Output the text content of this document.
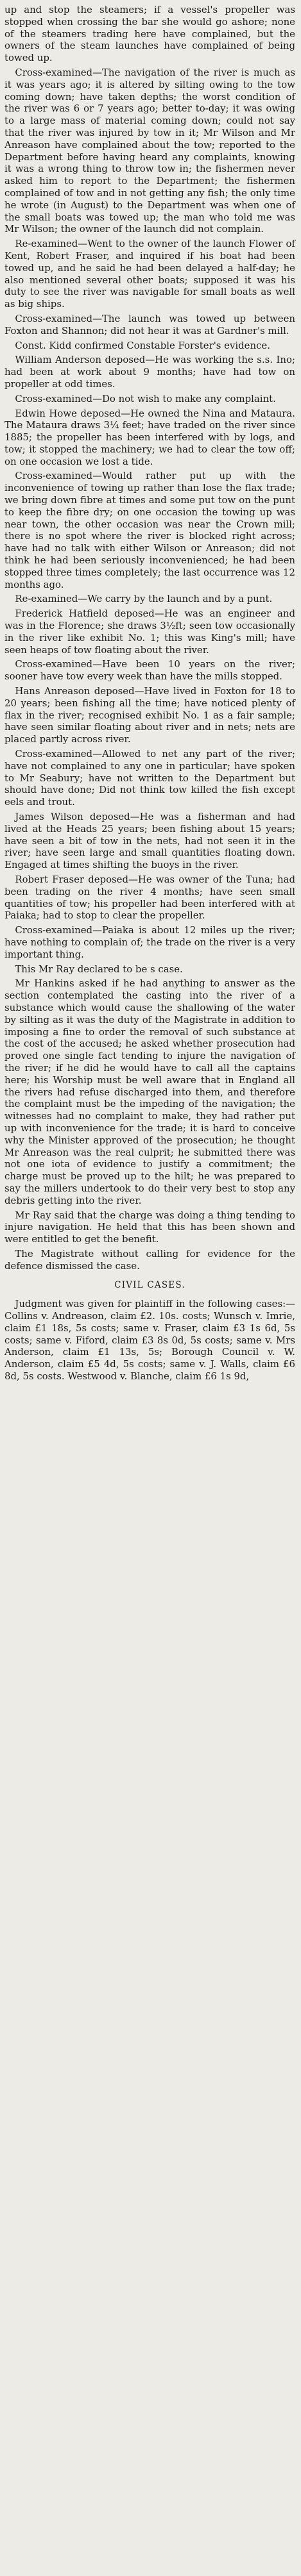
up and stop the steamers; if a vessel's propeller was stopped when crossing the bar she would go ashore; none of the steamers trading here have complained, but the owners of the steam launches have complained of being towed up.

Cross-examined—The navigation of the river is much as it was years ago; it is altered by silting owing to the tow coming down; have taken depths; the worst condition of the river was 6 or 7 years ago; better to-day; it was owing to a large mass of material coming down; could not say that the river was injured by tow in it; Mr Wilson and Mr Anreason have complained about the tow; reported to the Department before having heard any complaints, knowing it was a wrong thing to throw tow in; the fishermen never asked him to report to the Department; the fishermen complained of tow and in not getting any fish; the only time he wrote (in August) to the Department was when one of the small boats was towed up; the man who told me was Mr Wilson; the owner of the launch did not complain.

Re-examined—Went to the owner of the launch Flower of Kent, Robert Fraser, and inquired if his boat had been towed up, and he said he had been delayed a half-day; he also mentioned several other boats; supposed it was his duty to see the river was navigable for small boats as well as big ships.

Cross-examined—The launch was towed up between Foxton and Shannon; did not hear it was at Gardner's mill.

Const. Kidd confirmed Constable Forster's evidence.

William Anderson deposed—He was working the s.s. Ino; had been at work about 9 months; have had tow on propeller at odd times.

Cross-examined—Do not wish to make any complaint.

Edwin Howe deposed—He owned the Nina and Mataura. The Mataura draws 3¼ feet; have traded on the river since 1885; the propeller has been interfered with by logs, and tow; it stopped the machinery; we had to clear the tow off; on one occasion we lost a tide.

Cross-examined—Would rather put up with the inconvenience of towing up rather than lose the flax trade; we bring down fibre at times and some put tow on the punt to keep the fibre dry; on one occasion the towing up was near town, the other occasion was near the Crown mill; there is no spot where the river is blocked right across; have had no talk with either Wilson or Anreason; did not think he had been seriously inconvenienced; he had been stopped three times completely; the last occurrence was 12 months ago.

Re-examined—We carry by the launch and by a punt.

Frederick Hatfield deposed—He was an engineer and was in the Florence; she draws 3½ft; seen tow occasionally in the river like exhibit No. 1; this was King's mill; have seen heaps of tow floating about the river.

Cross-examined—Have been 10 years on the river; sooner have tow every week than have the mills stopped.

Hans Anreason deposed—Have lived in Foxton for 18 to 20 years; been fishing all the time; have noticed plenty of flax in the river; recognised exhibit No. 1 as a fair sample; have seen similar floating about river and in nets; nets are placed partly across river.

Cross-examined—Allowed to net any part of the river; have not complained to any one in particular; have spoken to Mr Seabury; have not written to the Department but should have done; Did not think tow killed the fish except eels and trout.

James Wilson deposed—He was a fisherman and had lived at the Heads 25 years; been fishing about 15 years; have seen a bit of tow in the nets, had not seen it in the river; have seen large and small quantities floating down. Engaged at times shifting the buoys in the river.

Robert Fraser deposed—He was owner of the Tuna; had been trading on the river 4 months; have seen small quantities of tow; his propeller had been interfered with at Paiaka; had to stop to clear the propeller.

Cross-examined—Paiaka is about 12 miles up the river; have nothing to complain of; the trade on the river is a very important thing.

This Mr Ray declared to be s case.

Mr Hankins asked if he had anything to answer as the section contemplated the casting into the river of a substance which would cause the shallowing of the water by silting as it was the duty of the Magistrate in addition to imposing a fine to order the removal of such substance at the cost of the accused; he asked whether prosecution had proved one single fact tending to injure the navigation of the river; if he did he would have to call all the captains here; his Worship must be well aware that in England all the rivers had refuse discharged into them, and therefore the complaint must be the impeding of the navigation; the witnesses had no complaint to make, they had rather put up with inconvenience for the trade; it is hard to conceive why the Minister approved of the prosecution; he thought Mr Anreason was the real culprit; he submitted there was not one iota of evidence to justify a commitment; the charge must be proved up to the hilt; he was prepared to say the millers undertook to do their very best to stop any debris getting into the river.

Mr Ray said that the charge was doing a thing tending to injure navigation. He held that this has been shown and were entitled to get the benefit.

The Magistrate without calling for evidence for the defence dismissed the case.

CIVIL CASES.

Judgment was given for plaintiff in the following cases:—Collins v. Andreason, claim £2. 10s. costs; Wunsch v. Imrie, claim £1 18s, 5s costs; same v. Fraser, claim £3 1s 6d, 5s costs; same v. Fiford, claim £3 8s 0d, 5s costs; same v. Mrs Anderson, claim £1 13s, 5s; Borough Council v. W. Anderson, claim £5 4d, 5s costs; same v. J. Walls, claim £6 8d, 5s costs. Westwood v. Blanche, claim £6 1s 9d,
